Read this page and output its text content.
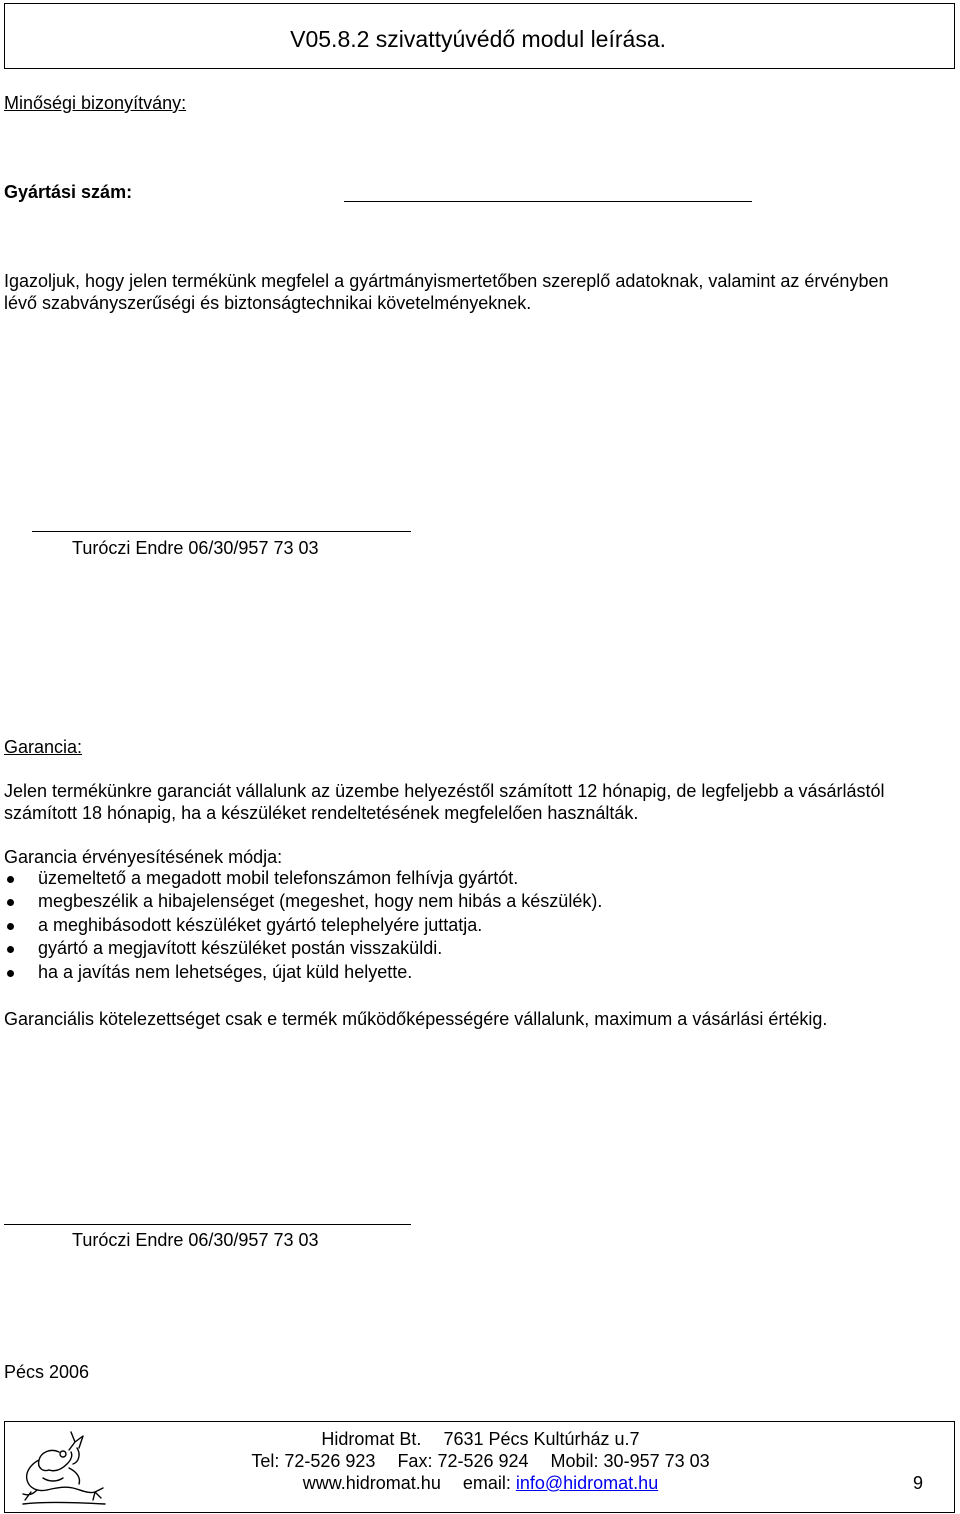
V05.8.2 szivattyúvédő modul leírása.
Minőségi bizonyítvány:
Gyártási szám:
Igazoljuk, hogy jelen termékünk megfelel a gyártmányismertetőben szereplő adatoknak, valamint az érvényben
lévő szabványszerűségi és biztonságtechnikai követelményeknek.
Turóczi Endre 06/30/957 73 03
Garancia:
Jelen termékünkre garanciát vállalunk az üzembe helyezéstől számított 12 hónapig, de legfeljebb a vásárlástól
számított 18 hónapig, ha a készüléket rendeltetésének megfelelően használták.
Garancia érvényesítésének módja:
üzemeltető a megadott mobil telefonszámon felhívja gyártót.
megbeszélik a hibajelenséget (megeshet, hogy nem hibás a készülék).
a meghibásodott készüléket gyártó telephelyére juttatja.
gyártó a megjavított készüléket postán visszaküldi.
ha a javítás nem lehetséges, újat küld helyette.
Garanciális kötelezettséget csak e termék működőképességére vállalunk, maximum a vásárlási értékig.
Turóczi Endre 06/30/957 73 03
Pécs 2006
Hidromat Bt. 7631 Pécs Kultúrház u.7
Tel: 72-526 923 Fax: 72-526 924 Mobil: 30-957 73 03
www.hidromat.hu email: info@hidromat.hu	9
